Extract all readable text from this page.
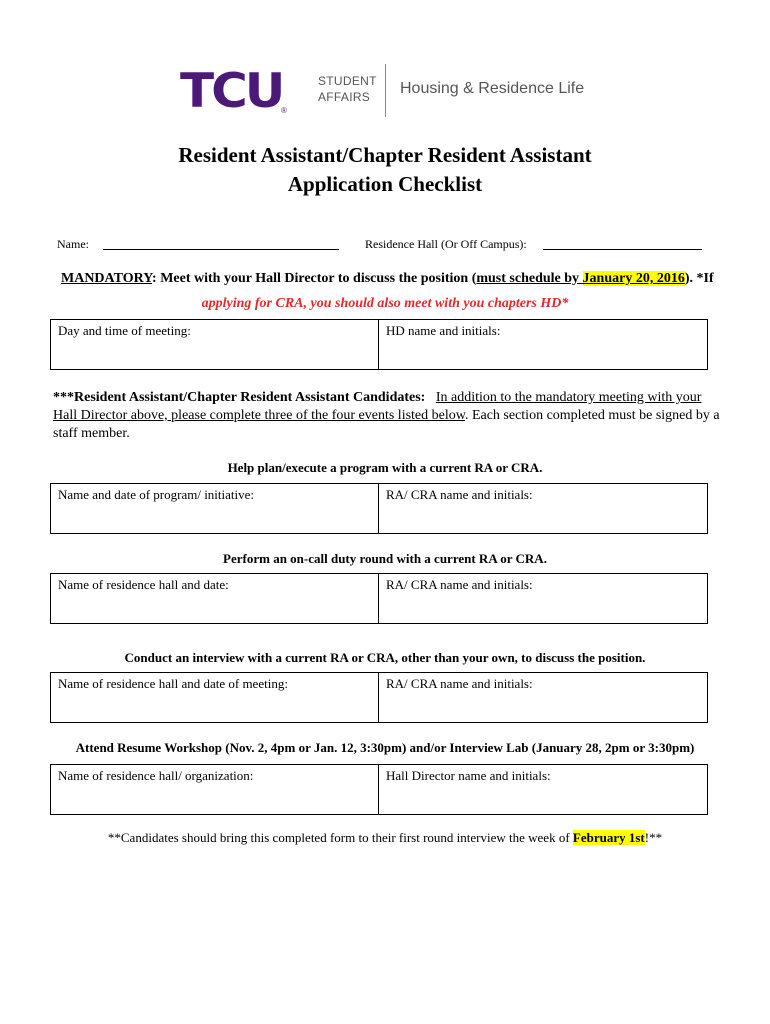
TCU
®
STUDENT
AFFAIRS	Housing & Residence Life
Resident Assistant/Chapter Resident Assistant
Application Checklist
Name:	Residence Hall (Or Off Campus):
MANDATORY: Meet with your Hall Director to discuss the position (must schedule by January 20, 2016). *If
applying for CRA, you should also meet with you chapters HD*
Day and time of meeting:	HD name and initials:
***Resident Assistant/Chapter Resident Assistant Candidates: In addition to the mandatory meeting with your Hall Director above, please complete three of the four events listed below. Each section completed must be signed by a staff member.
Help plan/execute a program with a current RA or CRA.
Name and date of program/ initiative:	RA/ CRA name and initials:
Perform an on-call duty round with a current RA or CRA.
Name of residence hall and date:	RA/ CRA name and initials:
Conduct an interview with a current RA or CRA, other than your own, to discuss the position.
Name of residence hall and date of meeting:	RA/ CRA name and initials:
Attend Resume Workshop (Nov. 2, 4pm or Jan. 12, 3:30pm) and/or Interview Lab (January 28, 2pm or 3:30pm)
Name of residence hall/ organization:	Hall Director name and initials:
**Candidates should bring this completed form to their first round interview the week of February 1st!**
